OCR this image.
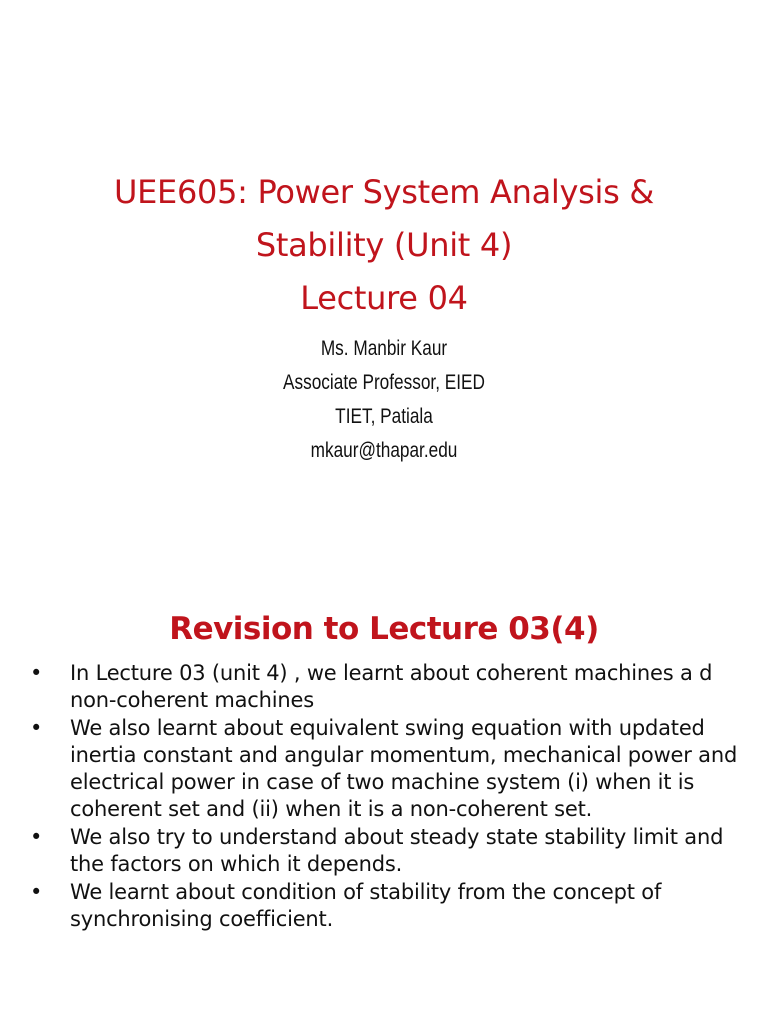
UEE605: Power System Analysis &
Stability (Unit 4)
Lecture 04
Ms. Manbir Kaur
Associate Professor, EIED
TIET, Patiala
mkaur@thapar.edu
Revision to Lecture 03(4)
•	In Lecture 03 (unit 4) , we learnt about coherent machines a d non-coherent machines
•	We also learnt about equivalent swing equation with updated inertia constant and angular momentum, mechanical power and electrical power in case of two machine system (i) when it is coherent set and (ii) when it is a non-coherent set.
•	We also try to understand about steady state stability limit and the factors on which it depends.
•	We learnt about condition of stability from the concept of synchronising coefficient.
